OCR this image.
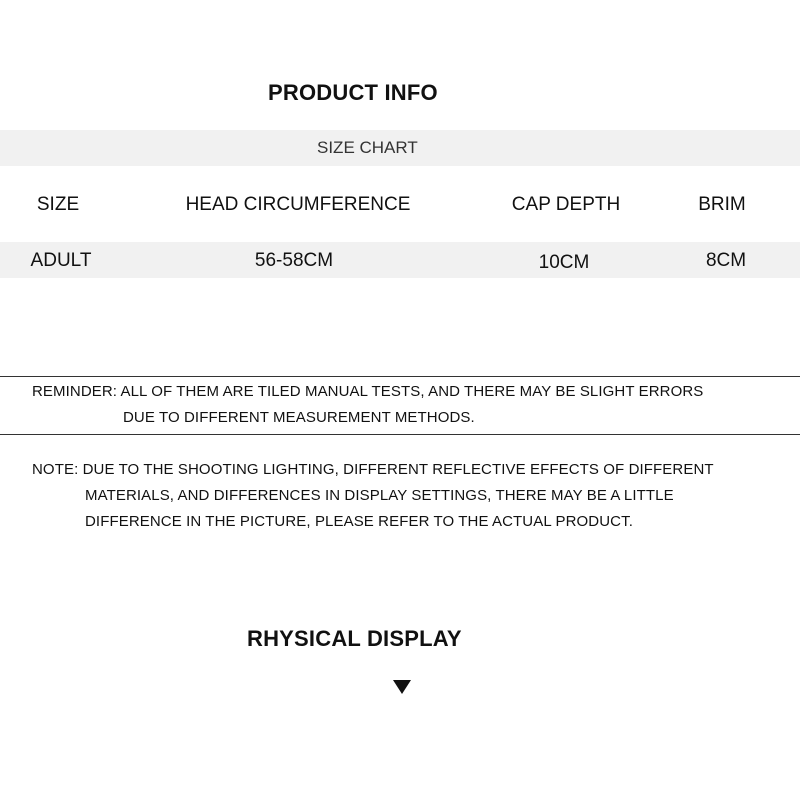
PRODUCT INFO
SIZE CHART
SIZE	HEAD CIRCUMFERENCE	CAP DEPTH	BRIM
ADULT	56-58CM	10CM	8CM
REMINDER: ALL OF THEM ARE TILED MANUAL TESTS, AND THERE MAY BE SLIGHT ERRORS
DUE TO DIFFERENT MEASUREMENT METHODS.
NOTE: DUE TO THE SHOOTING LIGHTING, DIFFERENT REFLECTIVE EFFECTS OF DIFFERENT
MATERIALS, AND DIFFERENCES IN DISPLAY SETTINGS, THERE MAY BE A LITTLE
DIFFERENCE IN THE PICTURE, PLEASE REFER TO THE ACTUAL PRODUCT.
RHYSICAL DISPLAY
